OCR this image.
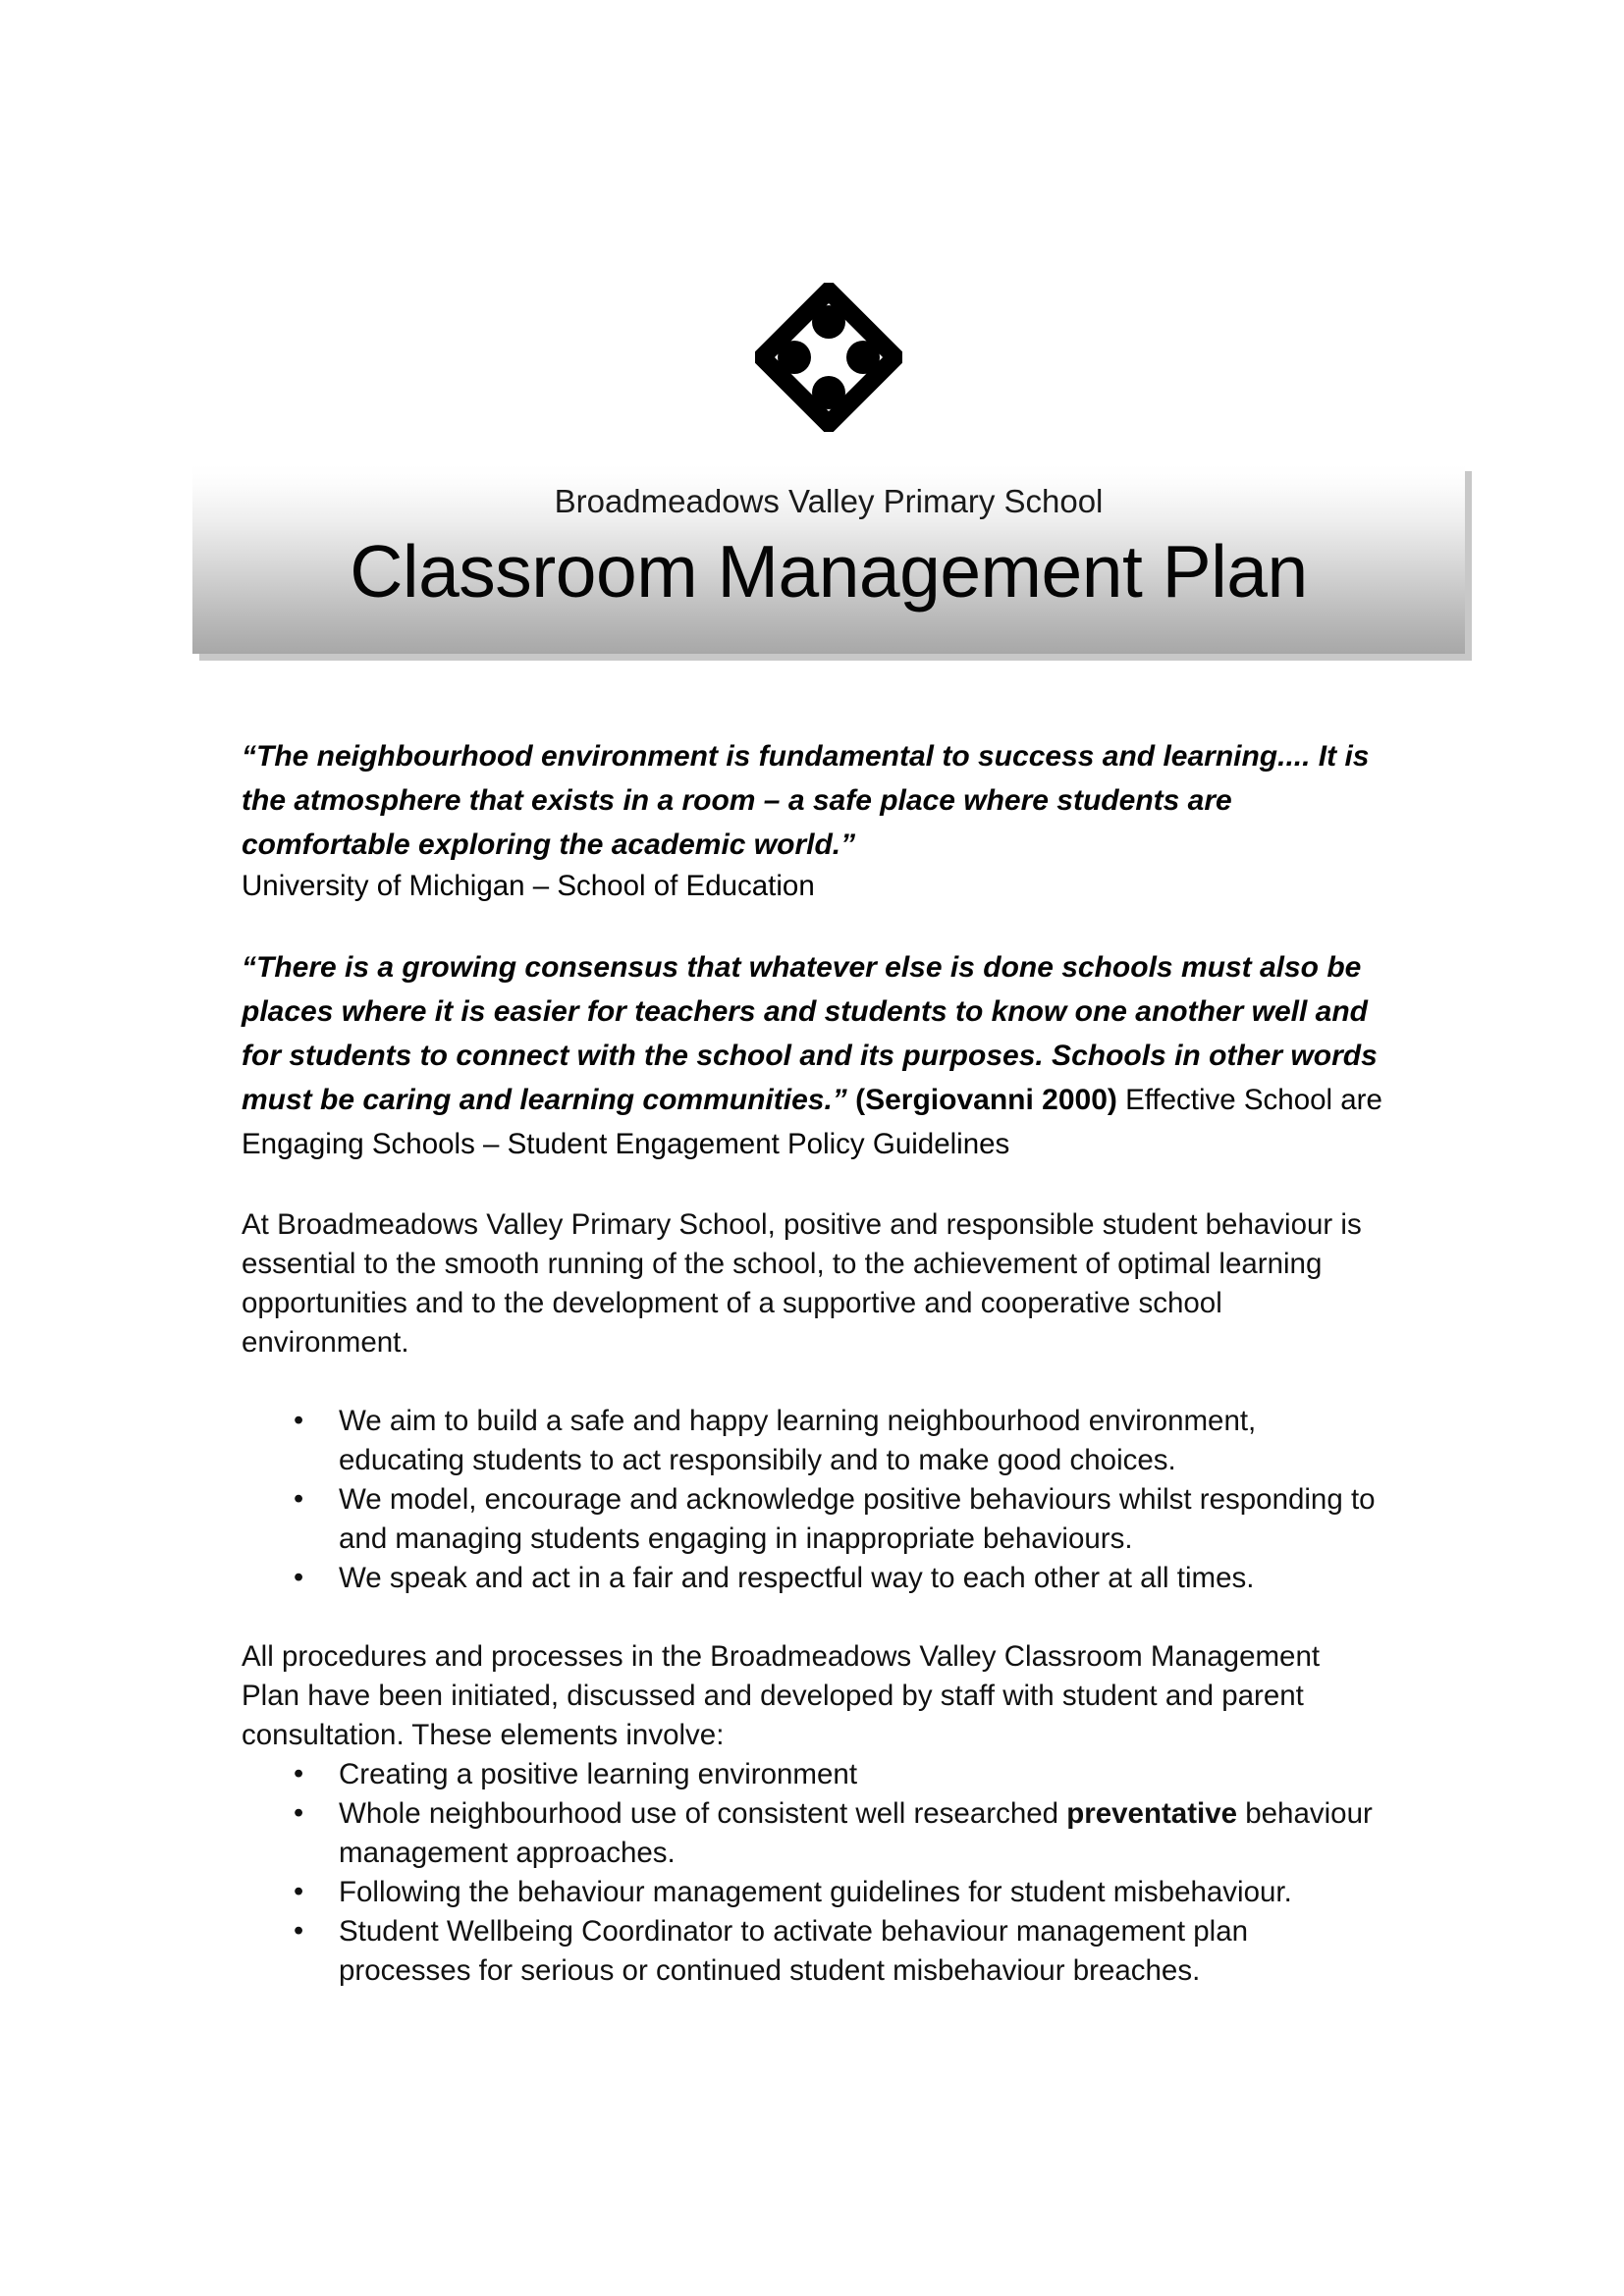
Broadmeadows Valley Primary School
Classroom Management Plan

“The neighbourhood environment is fundamental to success and learning.... It is the atmosphere that exists in a room – a safe place where students are comfortable exploring the academic world.”

University of Michigan – School of Education

“There is a growing consensus that whatever else is done schools must also be places where it is easier for teachers and students to know one another well and for students to connect with the school and its purposes. Schools in other words must be caring and learning communities.” (Sergiovanni 2000) Effective School are Engaging Schools – Student Engagement Policy Guidelines

At Broadmeadows Valley Primary School, positive and responsible student behaviour is essential to the smooth running of the school, to the achievement of optimal learning opportunities and to the development of a supportive and cooperative school environment.

• We aim to build a safe and happy learning neighbourhood environment, educating students to act responsibily and to make good choices.
• We model, encourage and acknowledge positive behaviours whilst responding to and managing students engaging in inappropriate behaviours.
• We speak and act in a fair and respectful way to each other at all times.

All procedures and processes in the Broadmeadows Valley Classroom Management Plan have been initiated, discussed and developed by staff with student and parent consultation. These elements involve:

• Creating a positive learning environment
• Whole neighbourhood use of consistent well researched preventative behaviour management approaches.
• Following the behaviour management guidelines for student misbehaviour.
• Student Wellbeing Coordinator to activate behaviour management plan processes for serious or continued student misbehaviour breaches.
